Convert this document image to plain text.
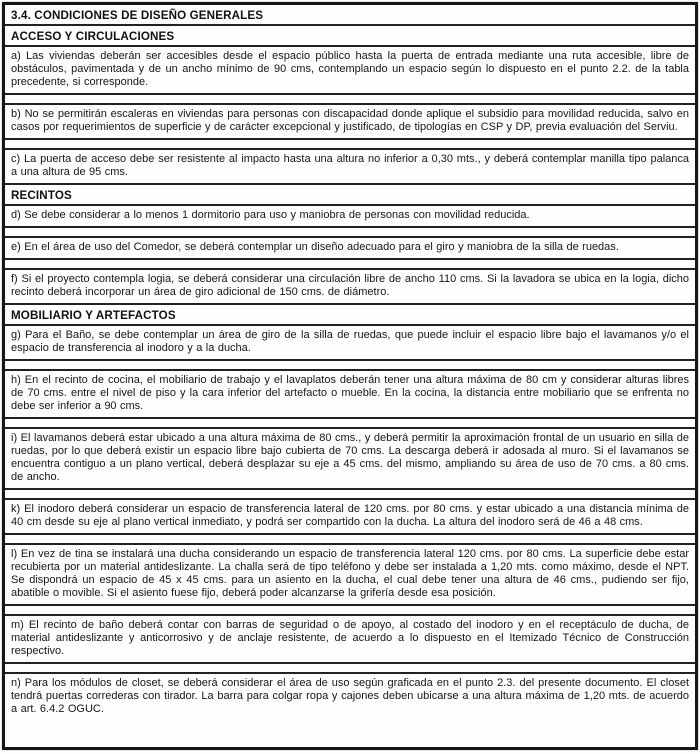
3.4. CONDICIONES DE DISEÑO GENERALES
ACCESO Y CIRCULACIONES
a) Las viviendas deberán ser accesibles desde el espacio público hasta la puerta de entrada mediante una ruta accesible, libre de obstáculos, pavimentada y de un ancho mínimo de 90 cms, contemplando un espacio según lo dispuesto en el punto 2.2. de la tabla precedente, si corresponde.
b) No se permitirán escaleras en viviendas para personas con discapacidad donde aplique el subsidio para movilidad reducida, salvo en casos por requerimientos de superficie y de carácter excepcional y justificado, de tipologías en CSP y DP, previa evaluación del Serviu.
c) La puerta de acceso debe ser resistente al impacto hasta una altura no inferior a 0,30 mts., y deberá contemplar manilla tipo palanca a una altura de 95 cms.
RECINTOS
d) Se debe considerar a lo menos 1 dormitorio para uso y maniobra de personas con movilidad reducida.
e) En el área de uso del Comedor, se deberá contemplar un diseño adecuado para el giro y maniobra de la silla de ruedas.
f) Si el proyecto contempla logia, se deberá considerar una circulación libre de ancho 110 cms. Si la lavadora se ubica en la logia, dicho recinto deberá incorporar un área de giro adicional de 150 cms. de diámetro.
MOBILIARIO Y ARTEFACTOS
g) Para el Baño, se debe contemplar un área de giro de la silla de ruedas, que puede incluir el espacio libre bajo el lavamanos y/o el espacio de transferencia al inodoro y a la ducha.
h) En el recinto de cocina, el mobiliario de trabajo y el lavaplatos deberán tener una altura máxima de 80 cm y considerar alturas libres de 70 cms. entre el nivel de piso y la cara inferior del artefacto o mueble. En la cocina, la distancia entre mobiliario que se enfrenta no debe ser inferior a 90 cms.
i) El lavamanos deberá estar ubicado a una altura máxima de 80 cms., y deberá permitir la aproximación frontal de un usuario en silla de ruedas, por lo que deberá existir un espacio libre bajo cubierta de 70 cms. La descarga deberá ir adosada al muro. Si el lavamanos se encuentra contiguo a un plano vertical, deberá desplazar su eje a 45 cms. del mismo, ampliando su área de uso de 70 cms. a 80 cms. de ancho.
k) El inodoro deberá considerar un espacio de transferencia lateral de 120 cms. por 80 cms. y estar ubicado a una distancia mínima de 40 cm desde su eje al plano vertical inmediato, y podrá ser compartido con la ducha. La altura del inodoro será de 46 a 48 cms.
l) En vez de tina se instalará una ducha considerando un espacio de transferencia lateral 120 cms. por 80 cms. La superficie debe estar recubierta por un material antideslizante. La challa será de tipo teléfono y debe ser instalada a 1,20 mts. como máximo, desde el NPT. Se dispondrá un espacio de 45 x 45 cms. para un asiento en la ducha, el cual debe tener una altura de 46 cms., pudiendo ser fijo, abatible o movible. Si el asiento fuese fijo, deberá poder alcanzarse la grifería desde esa posición.
m) El recinto de baño deberá contar con barras de seguridad o de apoyo, al costado del inodoro y en el receptáculo de ducha, de material antideslizante y anticorrosivo y de anclaje resistente, de acuerdo a lo dispuesto en el Itemizado Técnico de Construcción respectivo.
n) Para los módulos de closet, se deberá considerar el área de uso según graficada en el punto 2.3. del presente documento. El closet tendrá puertas correderas con tirador. La barra para colgar ropa y cajones deben ubicarse a una altura máxima de 1,20 mts. de acuerdo a art. 6.4.2 OGUC.
